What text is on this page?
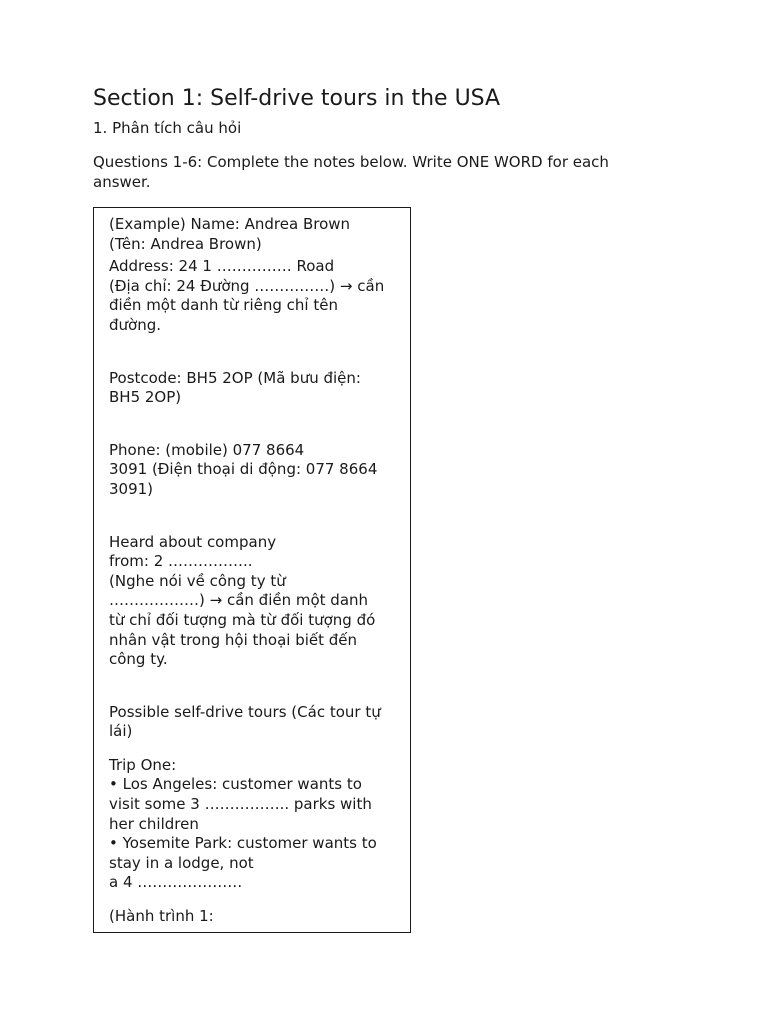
Section 1: Self-drive tours in the USA

1. Phân tích câu hỏi

Questions 1-6: Complete the notes below. Write ONE WORD for each answer.

(Example) Name: Andrea Brown
(Tên: Andrea Brown)

Address: 24 1 …………… Road
(Địa chỉ: 24 Đường ……………) → cần
điền một danh từ riêng chỉ tên
đường.

Postcode: BH5 2OP (Mã bưu điện:
BH5 2OP)

Phone: (mobile) 077 8664
3091 (Điện thoại di động: 077 8664
3091)

Heard about company
from: 2 ……………..
(Nghe nói về công ty từ
………………) → cần điền một danh
từ chỉ đối tượng mà từ đối tượng đó
nhân vật trong hội thoại biết đến
công ty.

Possible self-drive tours (Các tour tự
lái)

Trip One:
• Los Angeles: customer wants to
visit some 3 …………….. parks with
her children
• Yosemite Park: customer wants to
stay in a lodge, not
a 4 …………………

(Hành trình 1:
